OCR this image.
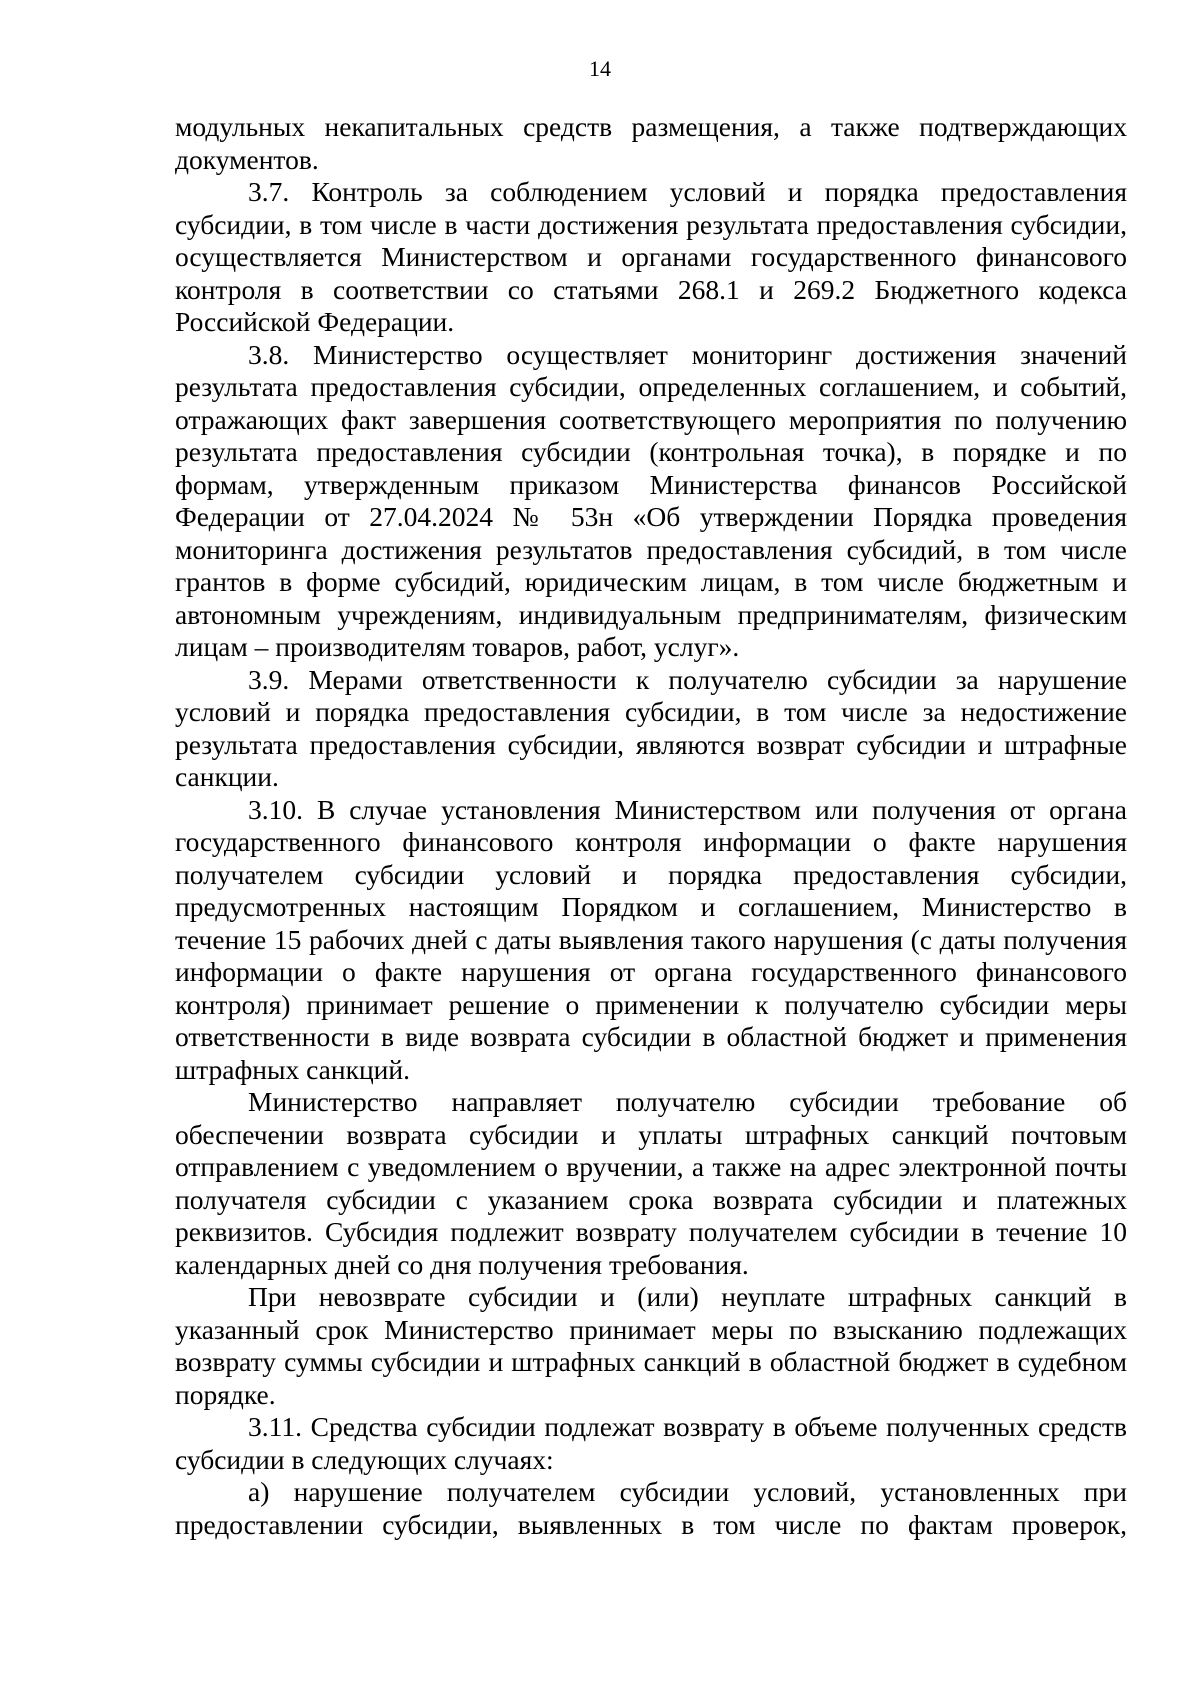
14

модульных некапитальных средств размещения, а также подтверждающих документов.

3.7. Контроль за соблюдением условий и порядка предоставления субсидии, в том числе в части достижения результата предоставления субсидии, осуществляется Министерством и органами государственного финансового контроля в соответствии со статьями 268.1 и 269.2 Бюджетного кодекса Российской Федерации.

3.8. Министерство осуществляет мониторинг достижения значений результата предоставления субсидии, определенных соглашением, и событий, отражающих факт завершения соответствующего мероприятия по получению результата предоставления субсидии (контрольная точка), в порядке и по формам, утвержденным приказом Министерства финансов Российской Федерации от 27.04.2024 № 53н «Об утверждении Порядка проведения мониторинга достижения результатов предоставления субсидий, в том числе грантов в форме субсидий, юридическим лицам, в том числе бюджетным и автономным учреждениям, индивидуальным предпринимателям, физическим лицам – производителям товаров, работ, услуг».

3.9. Мерами ответственности к получателю субсидии за нарушение условий и порядка предоставления субсидии, в том числе за недостижение результата предоставления субсидии, являются возврат субсидии и штрафные санкции.

3.10. В случае установления Министерством или получения от органа государственного финансового контроля информации о факте нарушения получателем субсидии условий и порядка предоставления субсидии, предусмотренных настоящим Порядком и соглашением, Министерство в течение 15 рабочих дней с даты выявления такого нарушения (с даты получения информации о факте нарушения от органа государственного финансового контроля) принимает решение о применении к получателю субсидии меры ответственности в виде возврата субсидии в областной бюджет и применения штрафных санкций.

Министерство направляет получателю субсидии требование об обеспечении возврата субсидии и уплаты штрафных санкций почтовым отправлением с уведомлением о вручении, а также на адрес электронной почты получателя субсидии с указанием срока возврата субсидии и платежных реквизитов. Субсидия подлежит возврату получателем субсидии в течение 10 календарных дней со дня получения требования.

При невозврате субсидии и (или) неуплате штрафных санкций в указанный срок Министерство принимает меры по взысканию подлежащих возврату суммы субсидии и штрафных санкций в областной бюджет в судебном порядке.

3.11. Средства субсидии подлежат возврату в объеме полученных средств субсидии в следующих случаях:

а) нарушение получателем субсидии условий, установленных при предоставлении субсидии, выявленных в том числе по фактам проверок,
